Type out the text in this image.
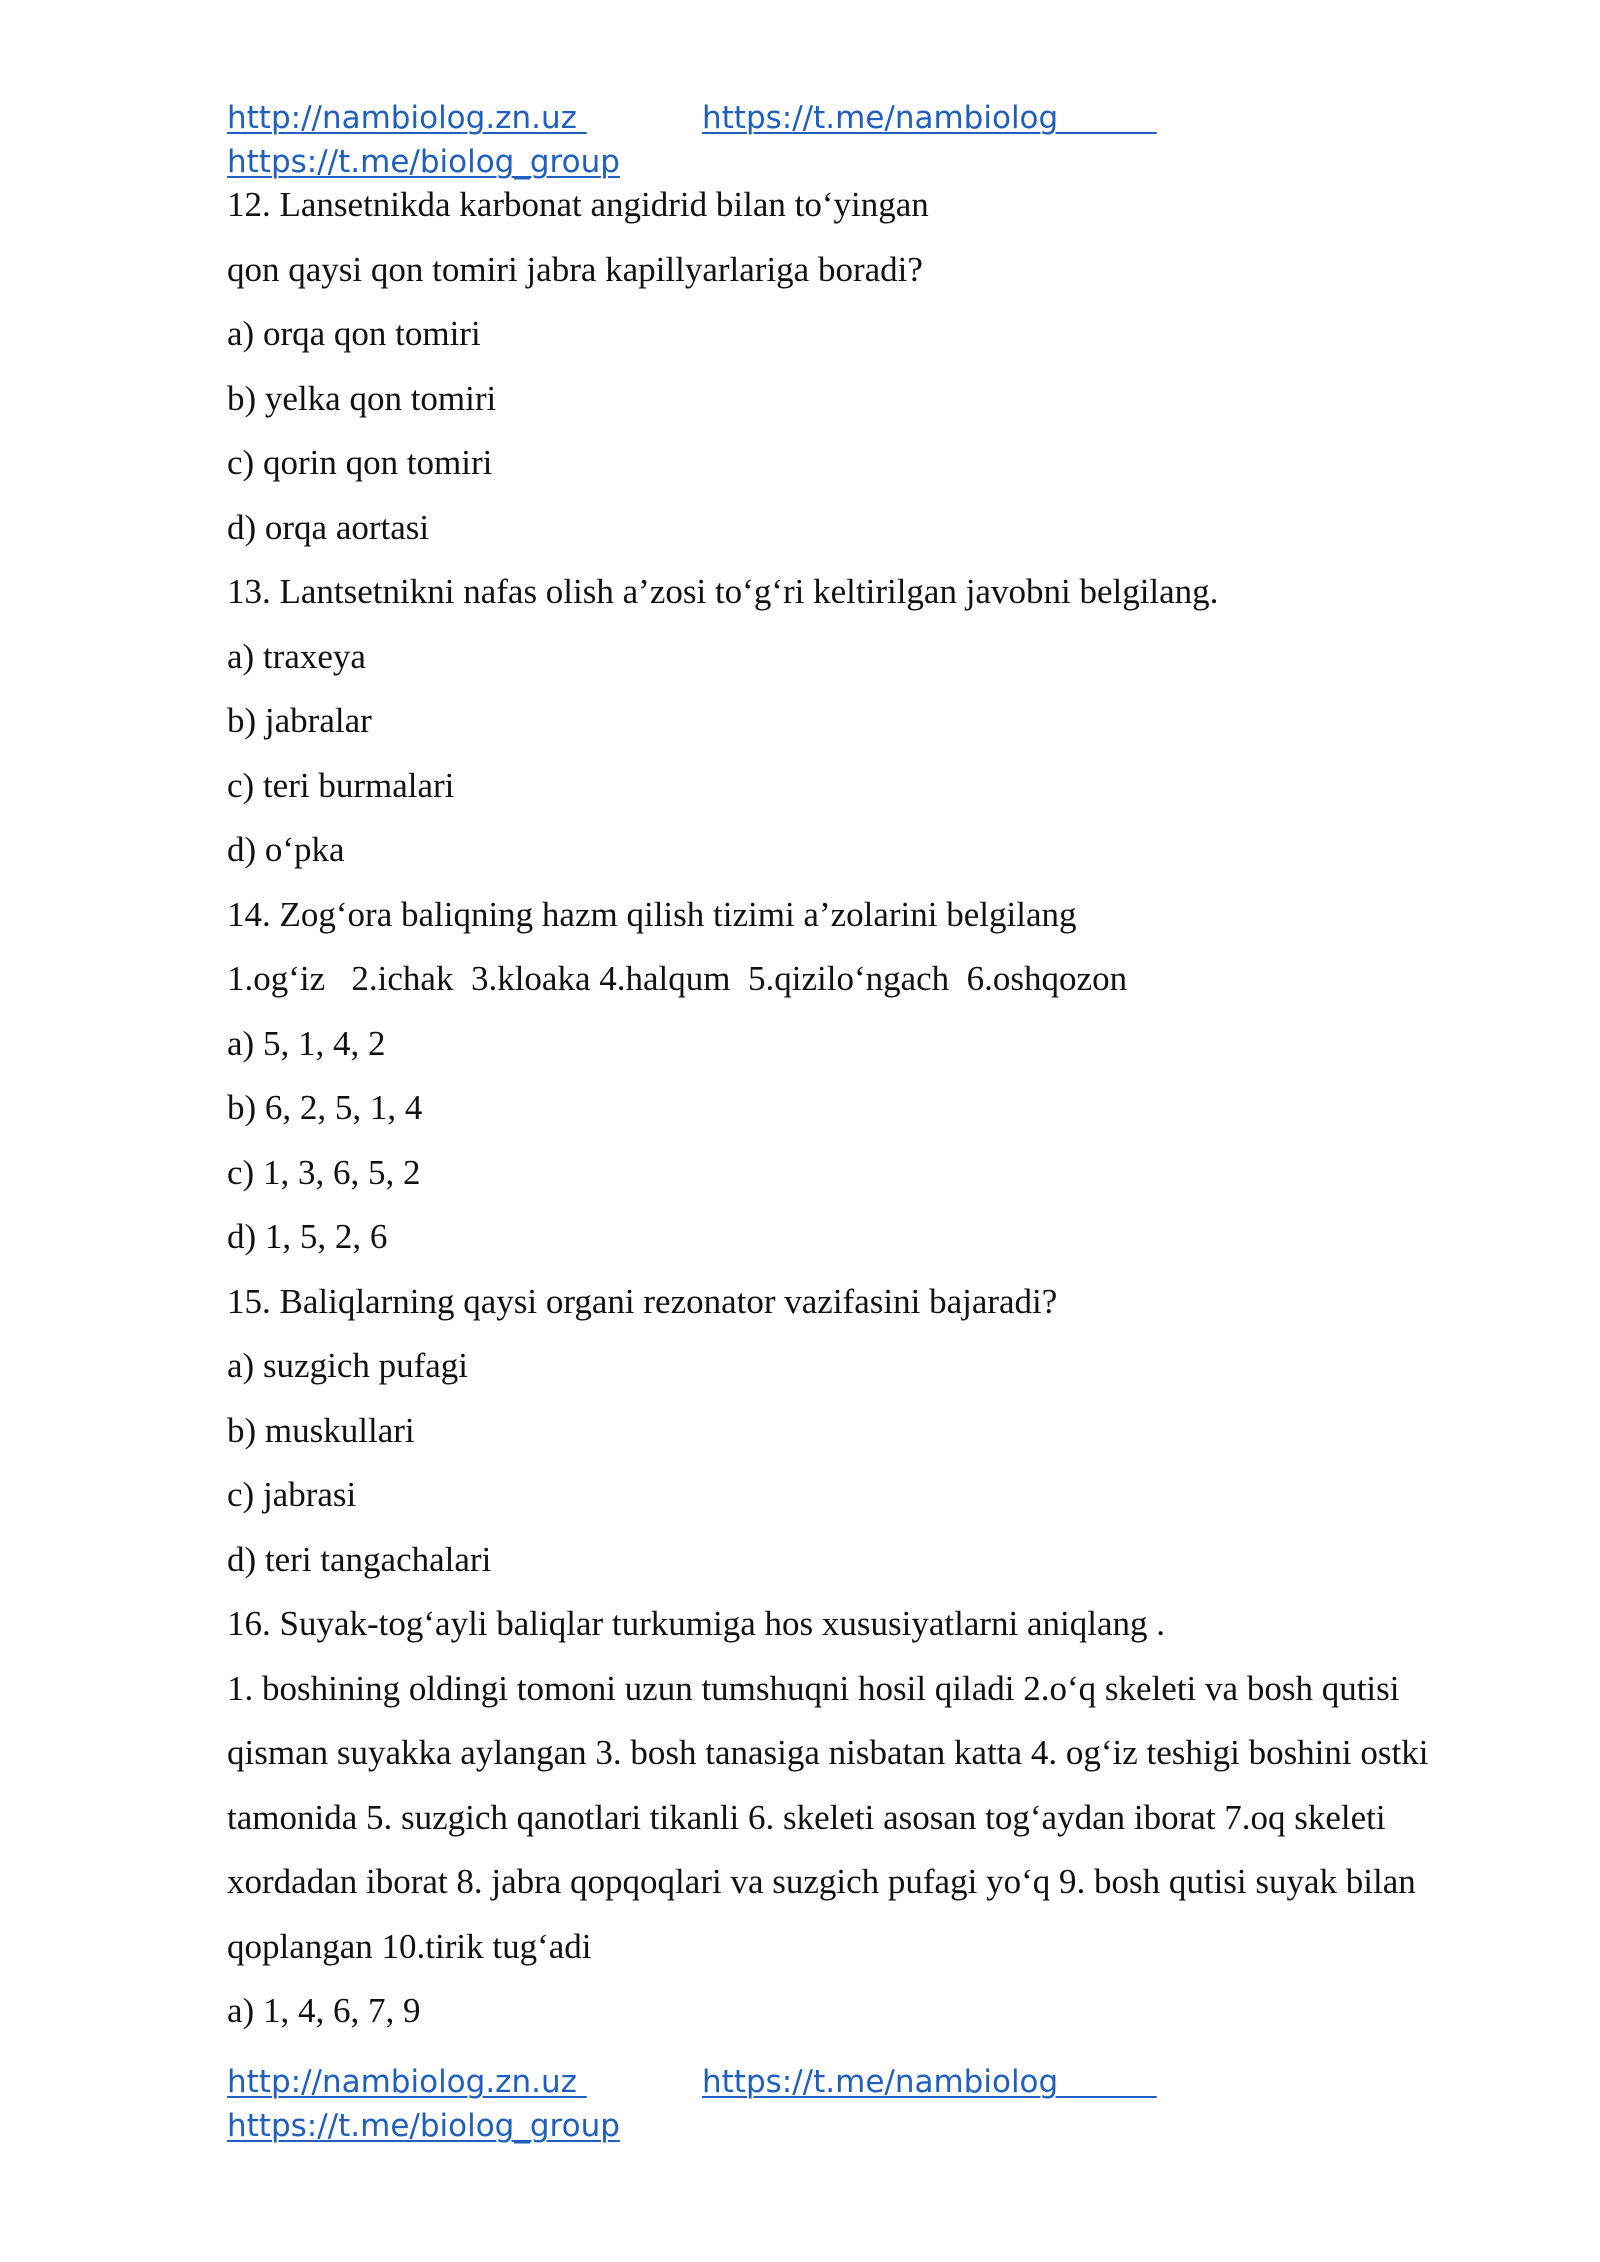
http://nambiolog.zn.uz	https://t.me/nambiolog
https://t.me/biolog_group
12. Lansetnikda karbonat angidrid bilan to‘yingan
qon qaysi qon tomiri jabra kapillyarlariga boradi?
a) orqa qon tomiri
b) yelka qon tomiri
c) qorin qon tomiri
d) orqa aortasi
13. Lantsetnikni nafas olish a’zosi to‘g‘ri keltirilgan javobni belgilang.
a) traxeya
b) jabralar
c) teri burmalari
d) o‘pka
14. Zog‘ora baliqning hazm qilish tizimi a’zolarini belgilang
1.og‘iz   2.ichak  3.kloaka 4.halqum  5.qizilo‘ngach  6.oshqozon
a) 5, 1, 4, 2
b) 6, 2, 5, 1, 4
c) 1, 3, 6, 5, 2
d) 1, 5, 2, 6
15. Baliqlarning qaysi organi rezonator vazifasini bajaradi?
a) suzgich pufagi
b) muskullari
c) jabrasi
d) teri tangachalari
16. Suyak-tog‘ayli baliqlar turkumiga hos xususiyatlarni aniqlang .

1. boshining oldingi tomoni uzun tumshuqni hosil qiladi 2.o‘q skeleti va bosh qutisi qisman suyakka aylangan 3. bosh tanasiga nisbatan katta 4. og‘iz teshigi boshini ostki tamonida 5. suzgich qanotlari tikanli 6. skeleti asosan tog‘aydan iborat 7.oq skeleti xordadan iborat 8. jabra qopqoqlari va suzgich pufagi yo‘q 9. bosh qutisi suyak bilan qoplangan 10.tirik tug‘adi

a) 1, 4, 6, 7, 9
http://nambiolog.zn.uz	https://t.me/nambiolog
https://t.me/biolog_group
